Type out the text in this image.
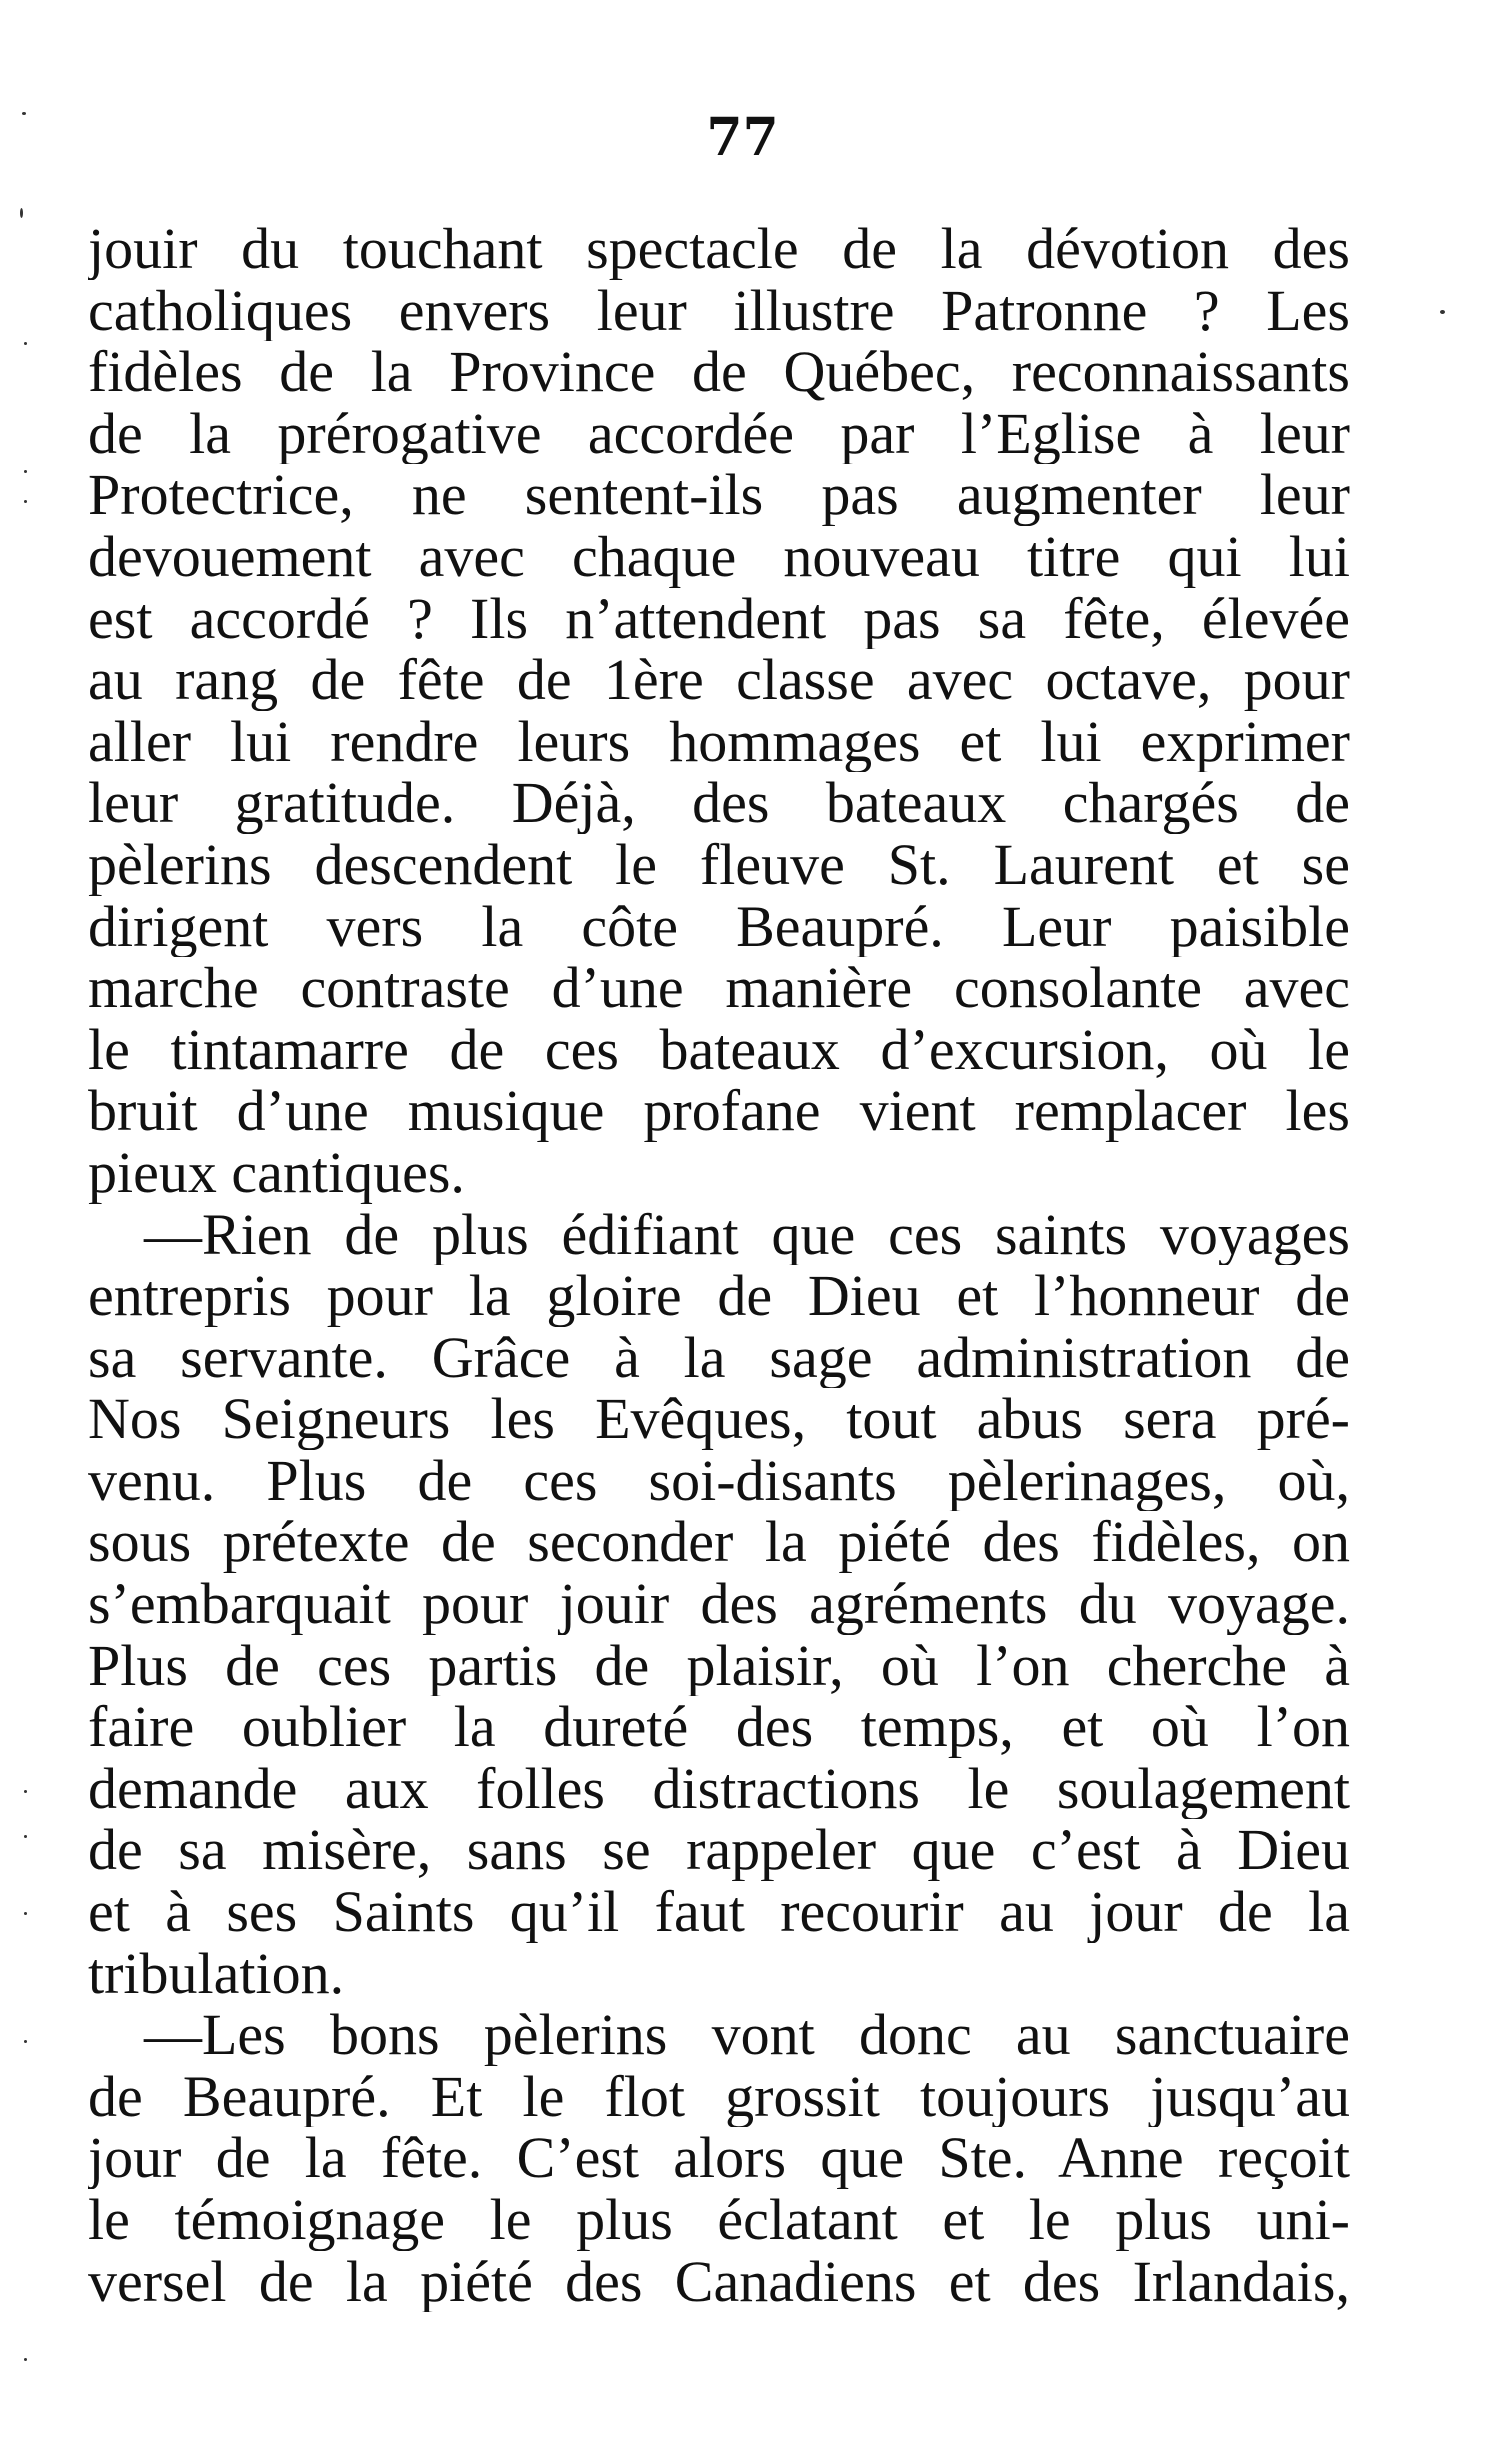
77
jouir du touchant spectacle de la dévotion des
catholiques envers leur illustre Patronne ? Les
fidèles de la Province de Québec, reconnaissants
de la prérogative accordée par l’Eglise à leur
Protectrice, ne sentent-ils pas augmenter leur
devouement avec chaque nouveau titre qui lui
est accordé ? Ils n’attendent pas sa fête, élevée
au rang de fête de 1ère classe avec octave, pour
aller lui rendre leurs hommages et lui exprimer
leur gratitude. Déjà, des bateaux chargés de
pèlerins descendent le fleuve St. Laurent et se
dirigent vers la côte Beaupré. Leur paisible
marche contraste d’une manière consolante avec
le tintamarre de ces bateaux d’excursion, où le
bruit d’une musique profane vient remplacer les
pieux cantiques.
—Rien de plus édifiant que ces saints voyages
entrepris pour la gloire de Dieu et l’honneur de
sa servante. Grâce à la sage administration de
Nos Seigneurs les Evêques, tout abus sera pré-
venu. Plus de ces soi-disants pèlerinages, où,
sous prétexte de seconder la piété des fidèles, on
s’embarquait pour jouir des agréments du voyage.
Plus de ces partis de plaisir, où l’on cherche à
faire oublier la dureté des temps, et où l’on
demande aux folles distractions le soulagement
de sa misère, sans se rappeler que c’est à Dieu
et à ses Saints qu’il faut recourir au jour de la
tribulation.
—Les bons pèlerins vont donc au sanctuaire
de Beaupré. Et le flot grossit toujours jusqu’au
jour de la fête. C’est alors que Ste. Anne reçoit
le témoignage le plus éclatant et le plus uni-
versel de la piété des Canadiens et des Irlandais,
